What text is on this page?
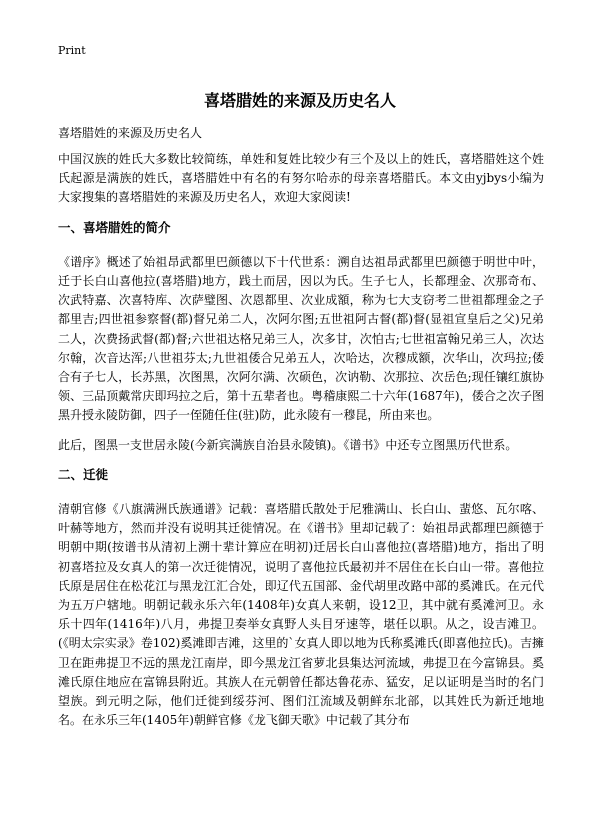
Print
喜塔腊姓的来源及历史名人
喜塔腊姓的来源及历史名人

中国汉族的姓氏大多数比较简练，单姓和复姓比较少有三个及以上的姓氏，喜塔腊姓这个姓氏起源是满族的姓氏，喜塔腊姓中有名的有努尔哈赤的母亲喜塔腊氏。本文由yjbys小编为大家搜集的喜塔腊姓的来源及历史名人，欢迎大家阅读!

一、喜塔腊姓的简介

《谱序》概述了始祖昂武都里巴颜德以下十代世系：溯自达祖昂武都里巴颜德于明世中叶，迁于长白山喜他拉(喜塔腊)地方，践土而居，因以为氏。生子七人，长都理金、次那奇布、次武特嘉、次喜特库、次萨璧图、次恩都里、次业成額，称为七大支窃考二世祖都理金之子都里吉;四世祖参察督(都)督兄弟二人，次阿尔图;五世祖阿古督(都)督(显祖宣皇后之父)兄弟二人，次费扬武督(都)督;六世祖达格兄弟三人，次多甘，次怕古;七世祖富翰兄弟三人，次达尔翰，次音达浑;八世祖芬太;九世祖倭合兄弟五人，次哈达，次穆成额，次华山，次玛拉;倭合有子七人，长苏黑，次图黑，次阿尔满、次硕色，次讷勒、次那拉、次岳色;现任镶红旗协领、三品顶戴常庆即玛拉之后，第十五辈者也。粤稽康熙二十六年(1687年)，倭合之次子图黑升授永陵防御，四子一侄随任住(驻)防，此永陵有一穆昆，所由来也。

此后，图黑一支世居永陵(今新宾满族自治县永陵镇)。《谱书》中还专立图黑历代世系。

二、迁徙

清朝官修《八旗满洲氏族通谱》记载：喜塔腊氏散处于尼雅满山、长白山、蜚悠、瓦尔喀、叶赫等地方，然而并没有说明其迁徙情况。在《谱书》里却记载了：始祖昂武都理巴颜德于明朝中期(按谱书从清初上溯十辈计算应在明初)迁居长白山喜他拉(喜塔腊)地方，指出了明初喜塔拉及女真人的第一次迁徙情况，说明了喜他拉氏最初并不居住在长白山一带。喜他拉氏原是居住在松花江与黑龙江汇合处，即辽代五国部、金代胡里改路中部的奚滩氏。在元代为五万户辖地。明朝记载永乐六年(1408年)女真人来朝，设12卫，其中就有奚滩河卫。永乐十四年(1416年)八月，弗提卫奏举女真野人头目牙速等，堪任以职。从之，设吉滩卫。(《明太宗实录》卷102)奚滩即吉滩，这里的`女真人即以地为氏称奚滩氏(即喜他拉氏)。吉擁卫在距弗提卫不远的黑龙江南岸，即今黑龙江省萝北县集达河流域，弗提卫在今富锦县。奚滩氏原住地应在富锦县附近。其族人在元朝曾任都达鲁花赤、猛安，足以证明是当时的名门望族。到元明之际，他们迁徙到绥芬河、图们江流域及朝鲜东北部，以其姓氏为新迁地地名。在永乐三年(1405年)朝鲜官修《龙飞御天歌》中记载了其分布
